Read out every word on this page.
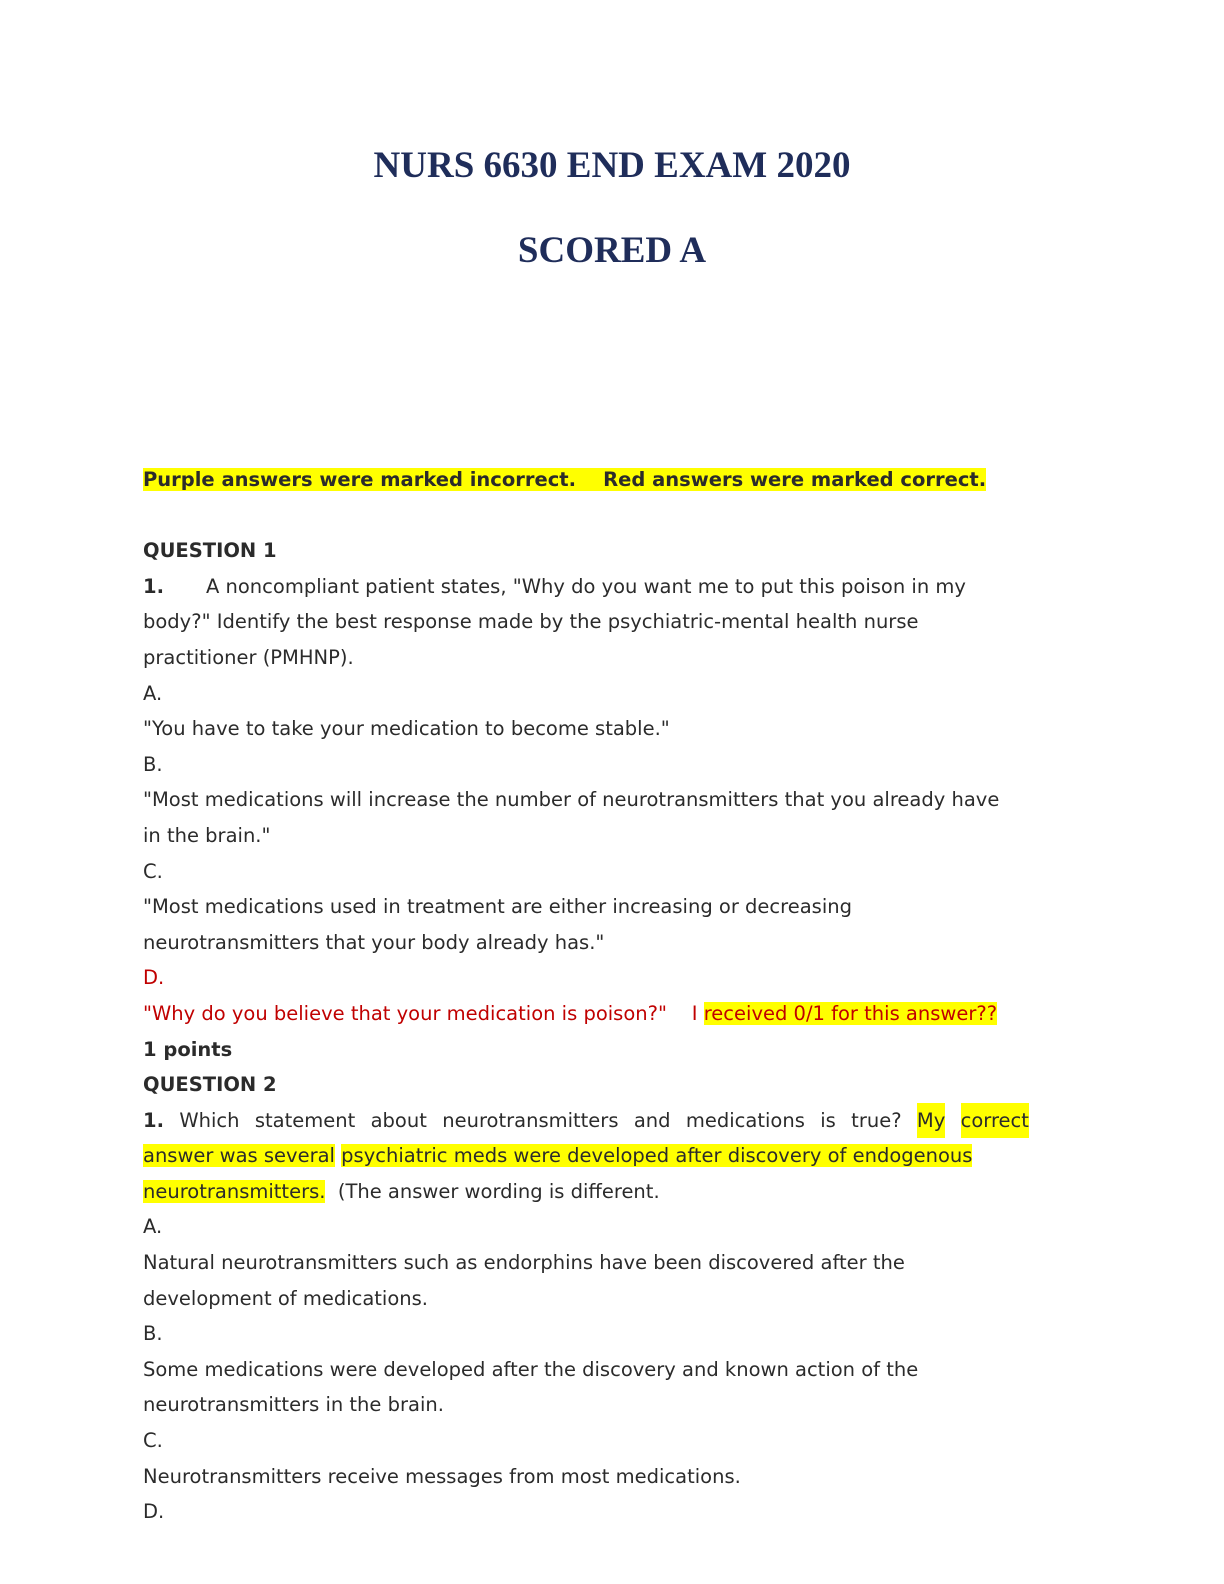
NURS 6630 END EXAM 2020
SCORED A
Purple answers were marked incorrect. Red answers were marked correct.
QUESTION 1
1. A noncompliant patient states, "Why do you want me to put this poison in my
body?" Identify the best response made by the psychiatric-mental health nurse
practitioner (PMHNP).
A.
"You have to take your medication to become stable."
B.
"Most medications will increase the number of neurotransmitters that you already have
in the brain."
C.
"Most medications used in treatment are either increasing or decreasing
neurotransmitters that your body already has."
D.
"Why do you believe that your medication is poison?" I received 0/1 for this answer??
1 points
QUESTION 2
1. Which statement about neurotransmitters and medications is true? My correct
answer was several psychiatric meds were developed after discovery of endogenous
neurotransmitters. (The answer wording is different.
A.
Natural neurotransmitters such as endorphins have been discovered after the
development of medications.
B.
Some medications were developed after the discovery and known action of the
neurotransmitters in the brain.
C.
Neurotransmitters receive messages from most medications.
D.
